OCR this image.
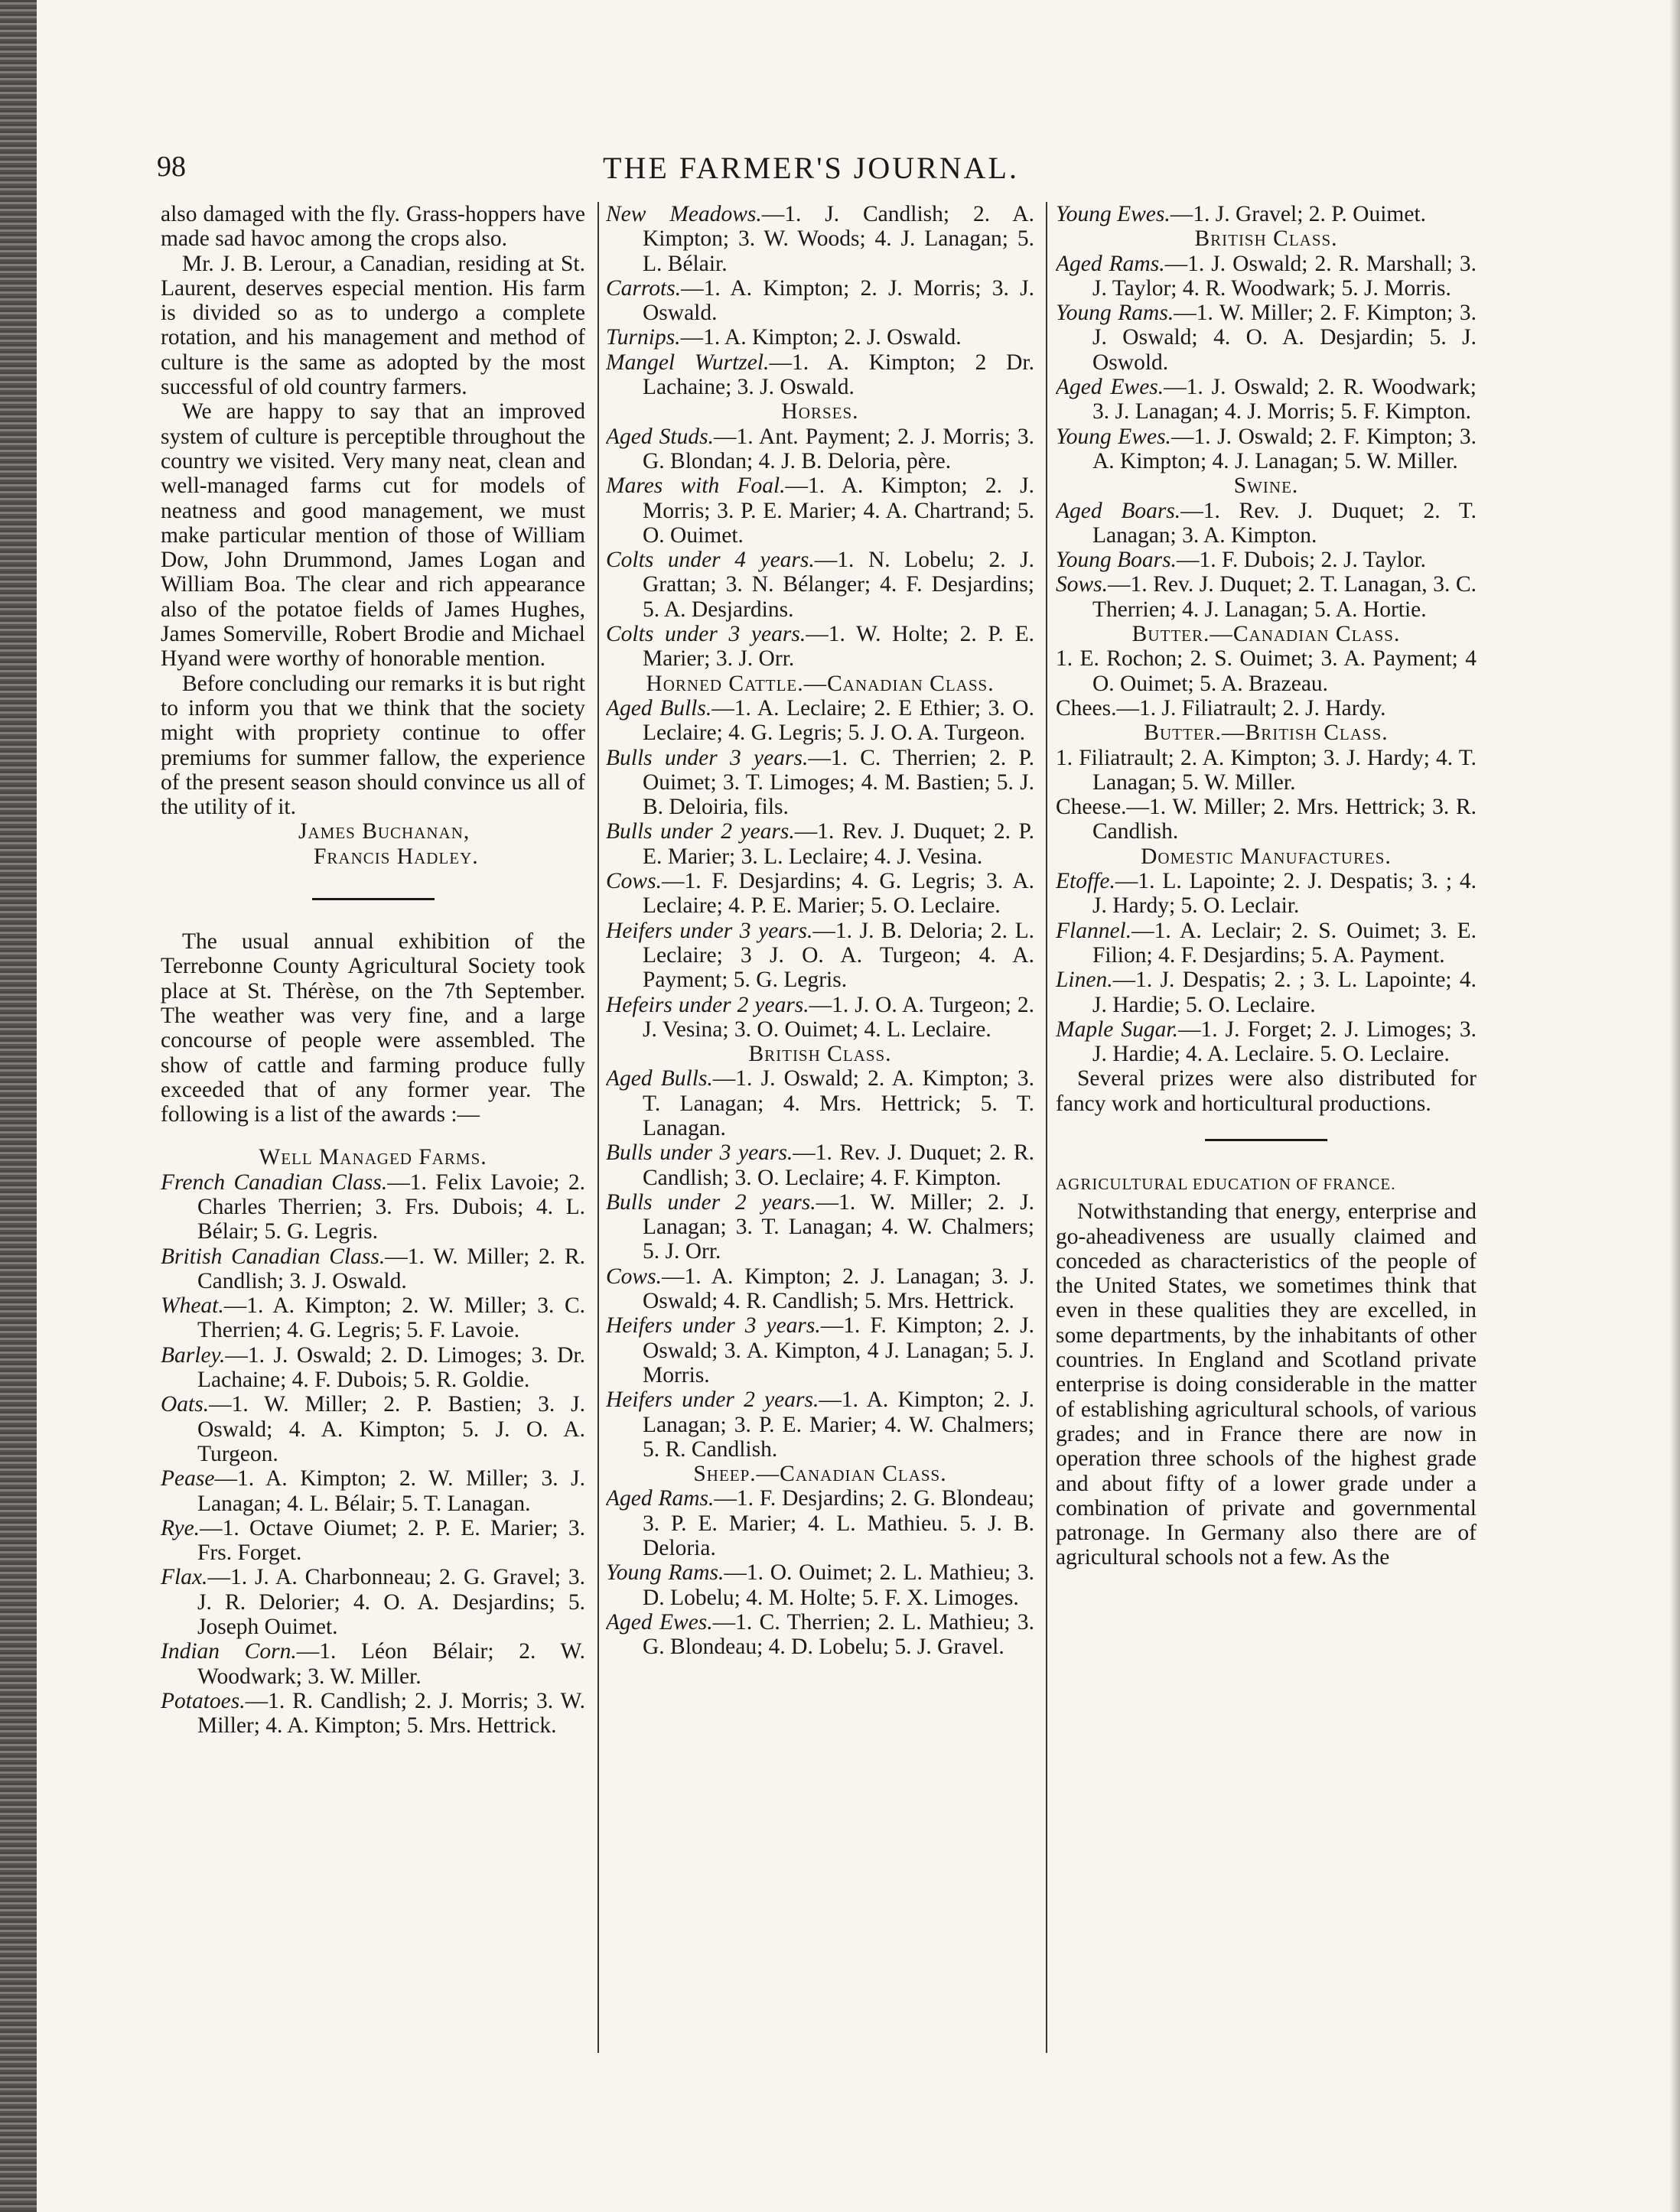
98	THE FARMER'S JOURNAL.

also damaged with the fly. Grass-hoppers have made sad havoc among the crops also.

Mr. J. B. Lerour, a Canadian, residing at St. Laurent, deserves especial mention. His farm is divided so as to undergo a complete rotation, and his management and method of culture is the same as adopted by the most successful of old country farmers.

We are happy to say that an improved system of culture is perceptible throughout the country we visited. Very many neat, clean and well-managed farms cut for models of neatness and good management, we must make particular mention of those of William Dow, John Drummond, James Logan and William Boa. The clear and rich appearance also of the potatoe fields of James Hughes, James Somerville, Robert Brodie and Michael Hyand were worthy of honorable mention.

Before concluding our remarks it is but right to inform you that we think that the society might with propriety continue to offer premiums for summer fallow, the experience of the present season should convince us all of the utility of it.

James Buchanan,

Francis Hadley.

The usual annual exhibition of the Terrebonne County Agricultural Society took place at St. Thérèse, on the 7th September. The weather was very fine, and a large concourse of people were assembled. The show of cattle and farming produce fully exceeded that of any former year. The following is a list of the awards :—

Well Managed Farms.

French Canadian Class.—1. Felix Lavoie; 2. Charles Therrien; 3. Frs. Dubois; 4. L. Bélair; 5. G. Legris.

British Canadian Class.—1. W. Miller; 2. R. Candlish; 3. J. Oswald.

Wheat.—1. A. Kimpton; 2. W. Miller; 3. C. Therrien; 4. G. Legris; 5. F. Lavoie.

Barley.—1. J. Oswald; 2. D. Limoges; 3. Dr. Lachaine; 4. F. Dubois; 5. R. Goldie.

Oats.—1. W. Miller; 2. P. Bastien; 3. J. Oswald; 4. A. Kimpton; 5. J. O. A. Turgeon.

Pease—1. A. Kimpton; 2. W. Miller; 3. J. Lanagan; 4. L. Bélair; 5. T. Lanagan.

Rye.—1. Octave Oiumet; 2. P. E. Marier; 3. Frs. Forget.

Flax.—1. J. A. Charbonneau; 2. G. Gravel; 3. J. R. Delorier; 4. O. A. Desjardins; 5. Joseph Ouimet.

Indian Corn.—1. Léon Bélair; 2. W. Woodwark; 3. W. Miller.

Potatoes.—1. R. Candlish; 2. J. Morris; 3. W. Miller; 4. A. Kimpton; 5. Mrs. Hettrick.

New Meadows.—1. J. Candlish; 2. A. Kimpton; 3. W. Woods; 4. J. Lanagan; 5. L. Bélair.

Carrots.—1. A. Kimpton; 2. J. Morris; 3. J. Oswald.

Turnips.—1. A. Kimpton; 2. J. Oswald.

Mangel Wurtzel.—1. A. Kimpton; 2 Dr. Lachaine; 3. J. Oswald.

Horses.

Aged Studs.—1. Ant. Payment; 2. J. Morris; 3. G. Blondan; 4. J. B. Deloria, père.

Mares with Foal.—1. A. Kimpton; 2. J. Morris; 3. P. E. Marier; 4. A. Chartrand; 5. O. Ouimet.

Colts under 4 years.—1. N. Lobelu; 2. J. Grattan; 3. N. Bélanger; 4. F. Desjardins; 5. A. Desjardins.

Colts under 3 years.—1. W. Holte; 2. P. E. Marier; 3. J. Orr.

Horned Cattle.—Canadian Class.

Aged Bulls.—1. A. Leclaire; 2. E Ethier; 3. O. Leclaire; 4. G. Legris; 5. J. O. A. Turgeon.

Bulls under 3 years.—1. C. Therrien; 2. P. Ouimet; 3. T. Limoges; 4. M. Bastien; 5. J. B. Deloiria, fils.

Bulls under 2 years.—1. Rev. J. Duquet; 2. P. E. Marier; 3. L. Leclaire; 4. J. Vesina.

Cows.—1. F. Desjardins; 4. G. Legris; 3. A. Leclaire; 4. P. E. Marier; 5. O. Leclaire.

Heifers under 3 years.—1. J. B. Deloria; 2. L. Leclaire; 3 J. O. A. Turgeon; 4. A. Payment; 5. G. Legris.

Hefeirs under 2 years.—1. J. O. A. Turgeon; 2. J. Vesina; 3. O. Ouimet; 4. L. Leclaire.

British Class.

Aged Bulls.—1. J. Oswald; 2. A. Kimpton; 3. T. Lanagan; 4. Mrs. Hettrick; 5. T. Lanagan.

Bulls under 3 years.—1. Rev. J. Duquet; 2. R. Candlish; 3. O. Leclaire; 4. F. Kimpton.

Bulls under 2 years.—1. W. Miller; 2. J. Lanagan; 3. T. Lanagan; 4. W. Chalmers; 5. J. Orr.

Cows.—1. A. Kimpton; 2. J. Lanagan; 3. J. Oswald; 4. R. Candlish; 5. Mrs. Hettrick.

Heifers under 3 years.—1. F. Kimpton; 2. J. Oswald; 3. A. Kimpton, 4 J. Lanagan; 5. J. Morris.

Heifers under 2 years.—1. A. Kimpton; 2. J. Lanagan; 3. P. E. Marier; 4. W. Chalmers; 5. R. Candlish.

Sheep.—Canadian Class.

Aged Rams.—1. F. Desjardins; 2. G. Blondeau; 3. P. E. Marier; 4. L. Mathieu. 5. J. B. Deloria.

Young Rams.—1. O. Ouimet; 2. L. Mathieu; 3. D. Lobelu; 4. M. Holte; 5. F. X. Limoges.

Aged Ewes.—1. C. Therrien; 2. L. Mathieu; 3. G. Blondeau; 4. D. Lobelu; 5. J. Gravel.

Young Ewes.—1. J. Gravel; 2. P. Ouimet.

British Class.

Aged Rams.—1. J. Oswald; 2. R. Marshall; 3. J. Taylor; 4. R. Woodwark; 5. J. Morris.

Young Rams.—1. W. Miller; 2. F. Kimpton; 3. J. Oswald; 4. O. A. Desjardin; 5. J. Oswold.

Aged Ewes.—1. J. Oswald; 2. R. Woodwark; 3. J. Lanagan; 4. J. Morris; 5. F. Kimpton.

Young Ewes.—1. J. Oswald; 2. F. Kimpton; 3. A. Kimpton; 4. J. Lanagan; 5. W. Miller.

Swine.

Aged Boars.—1. Rev. J. Duquet; 2. T. Lanagan; 3. A. Kimpton.

Young Boars.—1. F. Dubois; 2. J. Taylor.

Sows.—1. Rev. J. Duquet; 2. T. Lanagan, 3. C. Therrien; 4. J. Lanagan; 5. A. Hortie.

Butter.—Canadian Class.

1. E. Rochon; 2. S. Ouimet; 3. A. Payment; 4 O. Ouimet; 5. A. Brazeau.

Chees.—1. J. Filiatrault; 2. J. Hardy.

Butter.—British Class.

1. Filiatrault; 2. A. Kimpton; 3. J. Hardy; 4. T. Lanagan; 5. W. Miller.

Cheese.—1. W. Miller; 2. Mrs. Hettrick; 3. R. Candlish.

Domestic Manufactures.

Etoffe.—1. L. Lapointe; 2. J. Despatis; 3. ; 4. J. Hardy; 5. O. Leclair.

Flannel.—1. A. Leclair; 2. S. Ouimet; 3. E. Filion; 4. F. Desjardins; 5. A. Payment.

Linen.—1. J. Despatis; 2. ; 3. L. Lapointe; 4. J. Hardie; 5. O. Leclaire.

Maple Sugar.—1. J. Forget; 2. J. Limoges; 3. J. Hardie; 4. A. Leclaire. 5. O. Leclaire.

Several prizes were also distributed for fancy work and horticultural productions.

AGRICULTURAL EDUCATION OF FRANCE.

Notwithstanding that energy, enterprise and go-aheadiveness are usually claimed and conceded as characteristics of the people of the United States, we sometimes think that even in these qualities they are excelled, in some departments, by the inhabitants of other countries. In England and Scotland private enterprise is doing considerable in the matter of establishing agricultural schools, of various grades; and in France there are now in operation three schools of the highest grade and about fifty of a lower grade under a combination of private and governmental patronage. In Germany also there are of agricultural schools not a few. As the
